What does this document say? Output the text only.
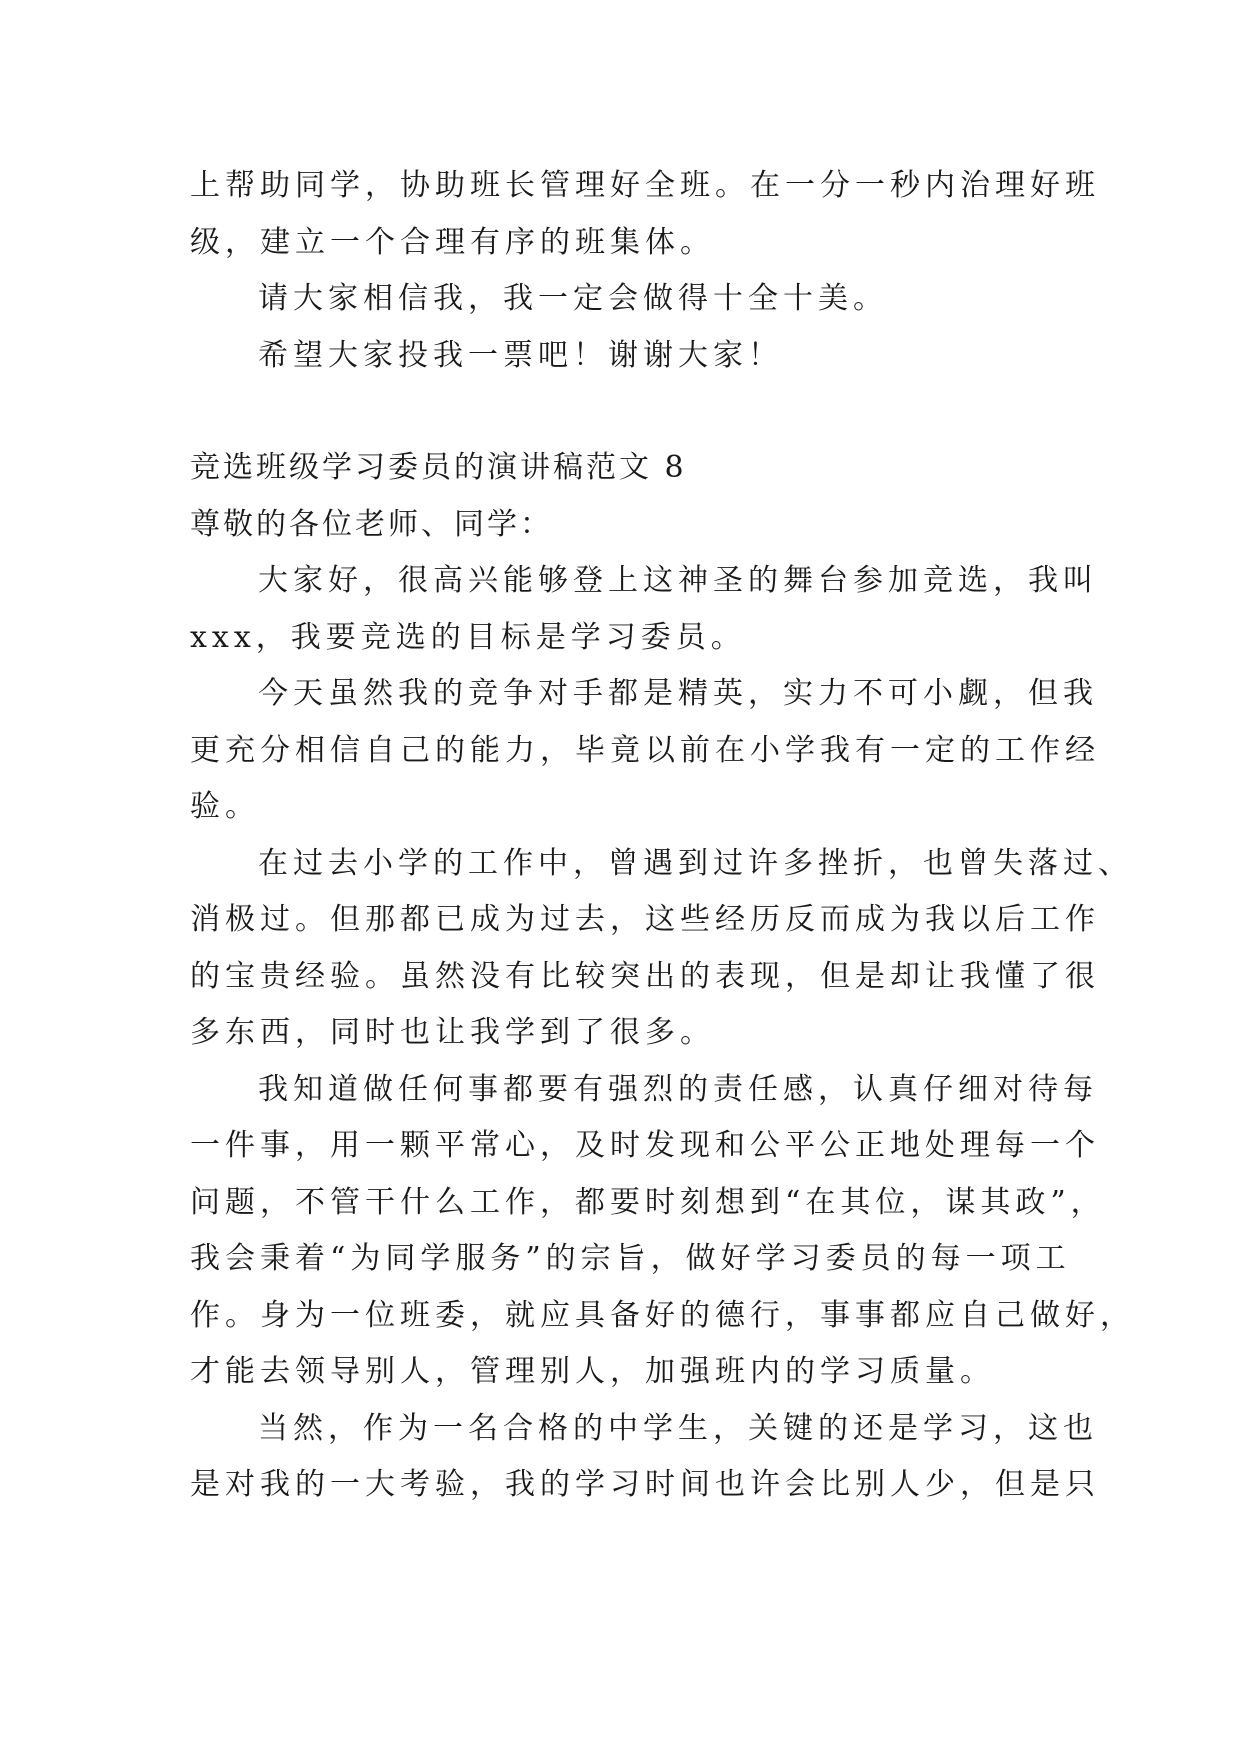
上帮助同学，协助班长管理好全班。在一分一秒内治理好班

级，建立一个合理有序的班集体。

请大家相信我，我一定会做得十全十美。

希望大家投我一票吧！谢谢大家！

竞选班级学习委员的演讲稿范文 8

尊敬的各位老师、同学：

大家好，很高兴能够登上这神圣的舞台参加竞选，我叫

xxx，我要竞选的目标是学习委员。

今天虽然我的竞争对手都是精英，实力不可小觑，但我

更充分相信自己的能力，毕竟以前在小学我有一定的工作经

验。

在过去小学的工作中，曾遇到过许多挫折，也曾失落过、

消极过。但那都已成为过去，这些经历反而成为我以后工作

的宝贵经验。虽然没有比较突出的表现，但是却让我懂了很

多东西，同时也让我学到了很多。

我知道做任何事都要有强烈的责任感，认真仔细对待每

一件事，用一颗平常心，及时发现和公平公正地处理每一个

问题，不管干什么工作，都要时刻想到“在其位，谋其政”，

我会秉着“为同学服务”的宗旨，做好学习委员的每一项工

作。身为一位班委，就应具备好的德行，事事都应自己做好，

才能去领导别人，管理别人，加强班内的学习质量。

当然，作为一名合格的中学生，关键的还是学习，这也

是对我的一大考验，我的学习时间也许会比别人少，但是只
